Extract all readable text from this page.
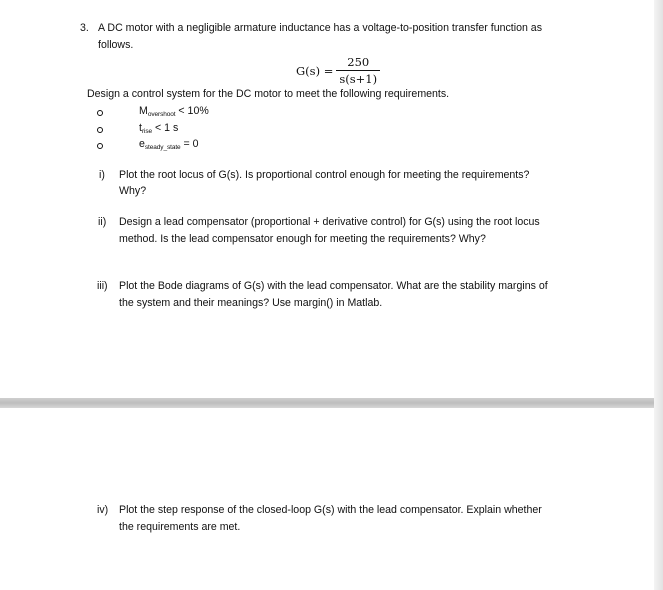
3. A DC motor with a negligible armature inductance has a voltage-to-position transfer function as
follows.
$G(s) = \frac{250}{s(s+1)}$
Design a control system for the DC motor to meet the following requirements.
$M_{overshoot} < 10\%$
$t_{rise} < 1$ s
$e_{steady\_state} = 0$
i) Plot the root locus of G(s). Is proportional control enough for meeting the requirements?
Why?
ii) Design a lead compensator (proportional + derivative control) for G(s) using the root locus
method. Is the lead compensator enough for meeting the requirements? Why?
iii) Plot the Bode diagrams of G(s) with the lead compensator. What are the stability margins of
the system and their meanings? Use margin() in Matlab.
iv) Plot the step response of the closed-loop G(s) with the lead compensator. Explain whether
the requirements are met.
